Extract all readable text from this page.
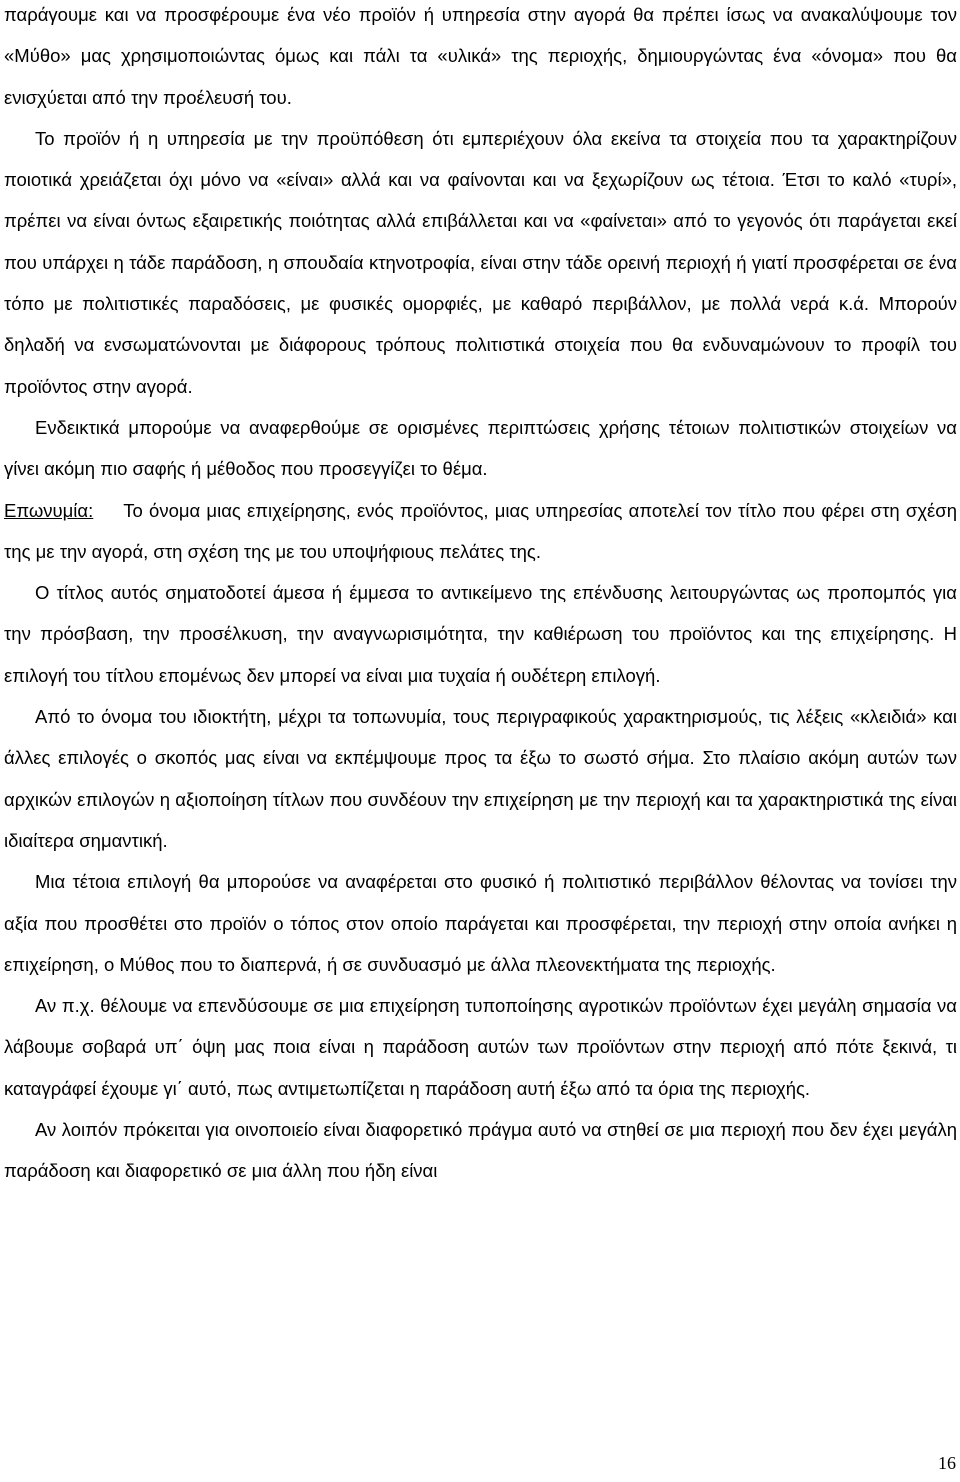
παράγουμε και να προσφέρουμε ένα νέο προϊόν ή υπηρεσία στην αγορά θα πρέπει ίσως να ανακαλύψουμε τον «Μύθο» μας χρησιμοποιώντας όμως και πάλι τα «υλικά» της περιοχής, δημιουργώντας ένα «όνομα» που θα ενισχύεται από την προέλευσή του.

Το προϊόν ή η υπηρεσία με την προϋπόθεση ότι εμπεριέχουν όλα εκείνα τα στοιχεία που τα χαρακτηρίζουν ποιοτικά χρειάζεται όχι μόνο να «είναι» αλλά και να φαίνονται και να ξεχωρίζουν ως τέτοια. Έτσι το καλό «τυρί», πρέπει να είναι όντως εξαιρετικής ποιότητας αλλά επιβάλλεται και να «φαίνεται» από το γεγονός ότι παράγεται εκεί που υπάρχει η τάδε παράδοση, η σπουδαία κτηνοτροφία, είναι στην τάδε ορεινή περιοχή ή γιατί προσφέρεται σε ένα τόπο με πολιτιστικές παραδόσεις, με φυσικές ομορφιές, με καθαρό περιβάλλον, με πολλά νερά κ.ά. Μπορούν δηλαδή να ενσωματώνονται με διάφορους τρόπους πολιτιστικά στοιχεία που θα ενδυναμώνουν το προφίλ του προϊόντος στην αγορά.

Ενδεικτικά μπορούμε να αναφερθούμε σε ορισμένες περιπτώσεις χρήσης τέτοιων πολιτιστικών στοιχείων να γίνει ακόμη πιο σαφής ή μέθοδος που προσεγγίζει το θέμα.

Επωνυμία: Το όνομα μιας επιχείρησης, ενός προϊόντος, μιας υπηρεσίας αποτελεί τον τίτλο που φέρει στη σχέση της με την αγορά, στη σχέση της με του υποψήφιους πελάτες της.

Ο τίτλος αυτός σηματοδοτεί άμεσα ή έμμεσα το αντικείμενο της επένδυσης λειτουργώντας ως προπομπός για την πρόσβαση, την προσέλκυση, την αναγνωρισιμότητα, την καθιέρωση του προϊόντος και της επιχείρησης. Η επιλογή του τίτλου επομένως δεν μπορεί να είναι μια τυχαία ή ουδέτερη επιλογή.

Από το όνομα του ιδιοκτήτη, μέχρι τα τοπωνυμία, τους περιγραφικούς χαρακτηρισμούς, τις λέξεις «κλειδιά» και άλλες επιλογές ο σκοπός μας είναι να εκπέμψουμε προς τα έξω το σωστό σήμα. Στο πλαίσιο ακόμη αυτών των αρχικών επιλογών η αξιοποίηση τίτλων που συνδέουν την επιχείρηση με την περιοχή και τα χαρακτηριστικά της είναι ιδιαίτερα σημαντική.

Μια τέτοια επιλογή θα μπορούσε να αναφέρεται στο φυσικό ή πολιτιστικό περιβάλλον θέλοντας να τονίσει την αξία που προσθέτει στο προϊόν ο τόπος στον οποίο παράγεται και προσφέρεται, την περιοχή στην οποία ανήκει η επιχείρηση, ο Μύθος που το διαπερνά, ή σε συνδυασμό με άλλα πλεονεκτήματα της περιοχής.

Αν π.χ. θέλουμε να επενδύσουμε σε μια επιχείρηση τυποποίησης αγροτικών προϊόντων έχει μεγάλη σημασία να λάβουμε σοβαρά υπ΄ όψη μας ποια είναι η παράδοση αυτών των προϊόντων στην περιοχή από πότε ξεκινά, τι καταγράφεί έχουμε γι΄ αυτό, πως αντιμετωπίζεται η παράδοση αυτή έξω από τα όρια της περιοχής.

Αν λοιπόν πρόκειται για οινοποιείο είναι διαφορετικό πράγμα αυτό να στηθεί σε μια περιοχή που δεν έχει μεγάλη παράδοση και διαφορετικό σε μια άλλη που ήδη είναι

16
